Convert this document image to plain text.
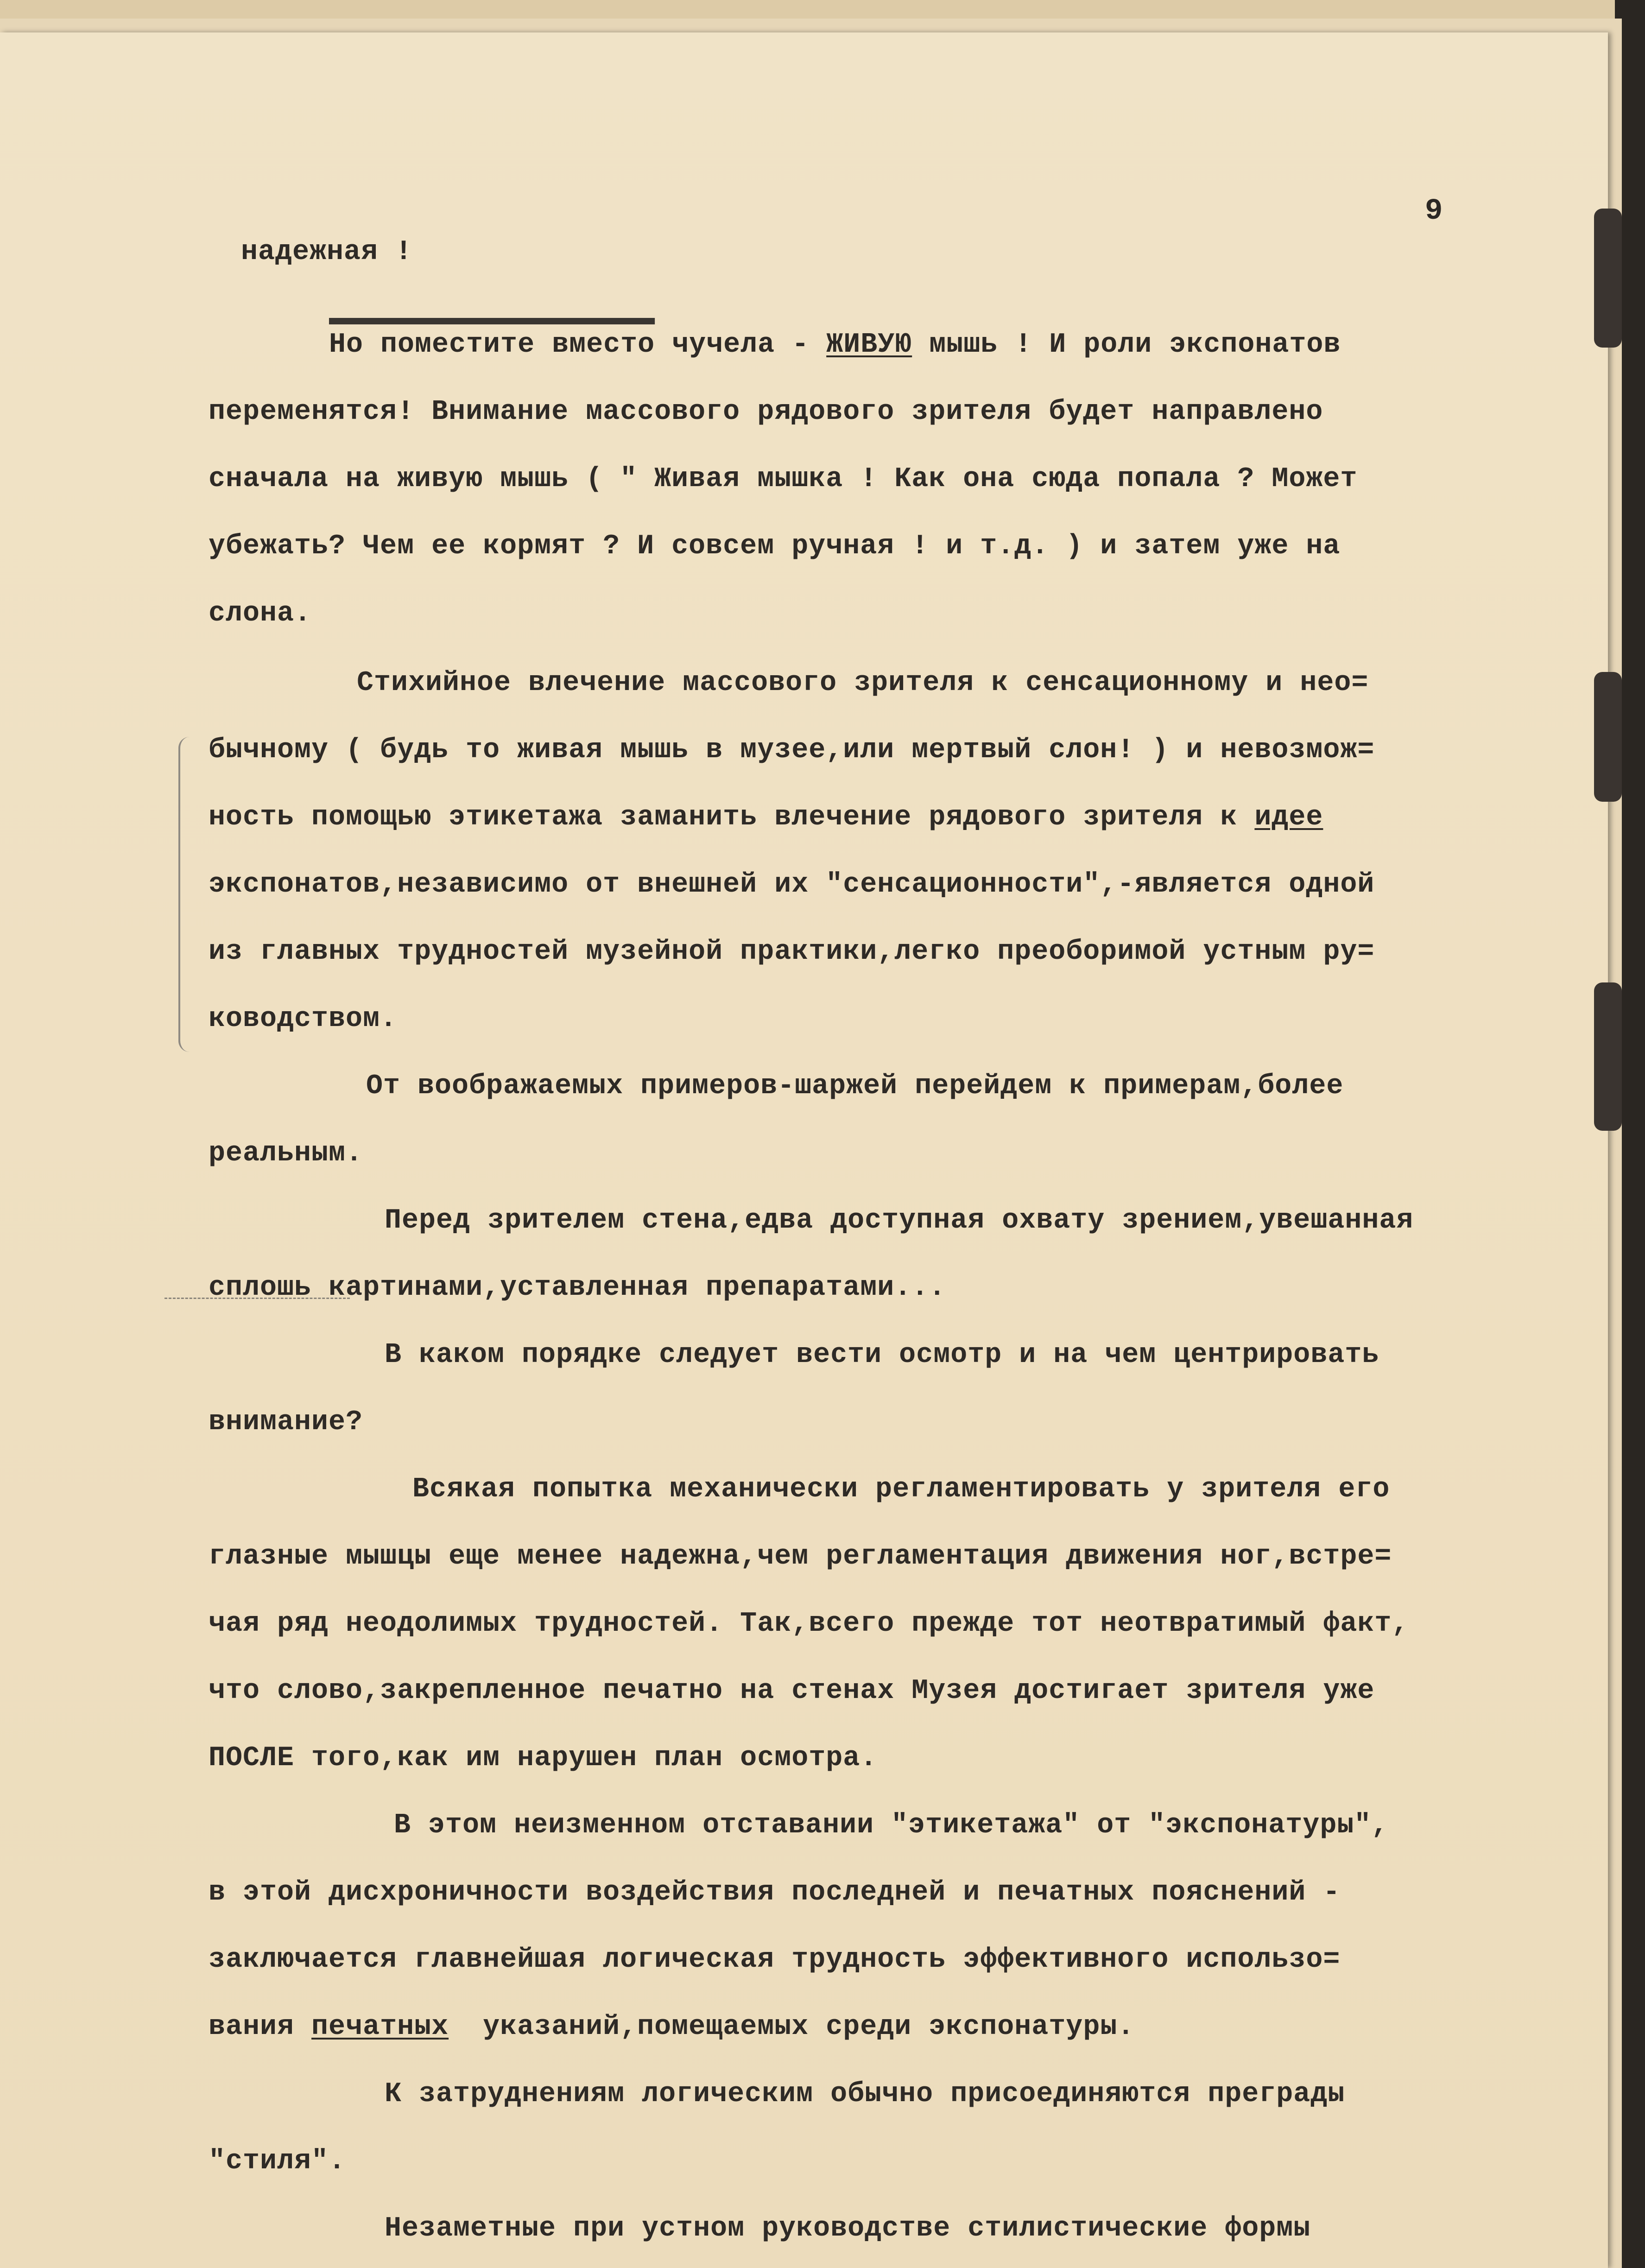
9

надежная !

Но поместите вместо чучела - ЖИВУЮ мышь ! И роли экспонатов

переменятся! Внимание массового рядового зрителя будет направлено

сначала на живую мышь ( " Живая мышка ! Как она сюда попала ? Может

убежать? Чем ее кормят ? И совсем ручная ! и т.д. ) и затем уже на

слона.

Стихийное влечение массового зрителя к сенсационному и нео=

бычному ( будь то живая мышь в музее,или мертвый слон! ) и невозмож=

ность помощью этикетажа заманить влечение рядового зрителя к идее

экспонатов,независимо от внешней их "сенсационности",-является одной

из главных трудностей музейной практики,легко преоборимой устным ру=

ководством.

От воображаемых примеров-шаржей перейдем к примерам,более

реальным.

Перед зрителем стена,едва доступная охвату зрением,увешанная

сплошь картинами,уставленная препаратами...

В каком порядке следует вести осмотр и на чем центрировать

внимание?

Всякая попытка механически регламентировать у зрителя его

глазные мышцы еще менее надежна,чем регламентация движения ног,встре=

чая ряд неодолимых трудностей. Так,всего прежде тот неотвратимый факт,

что слово,закрепленное печатно на стенах Музея достигает зрителя уже

ПОСЛЕ того,как им нарушен план осмотра.

В этом неизменном отставании "этикетажа" от "экспонатуры",

в этой дисхроничности воздействия последней и печатных пояснений -

заключается главнейшая логическая трудность эффективного использо=

вания печатных указаний,помещаемых среди экспонатуры.

К затруднениям логическим обычно присоединяются преграды

"стиля".

Незаметные при устном руководстве стилистические формы
